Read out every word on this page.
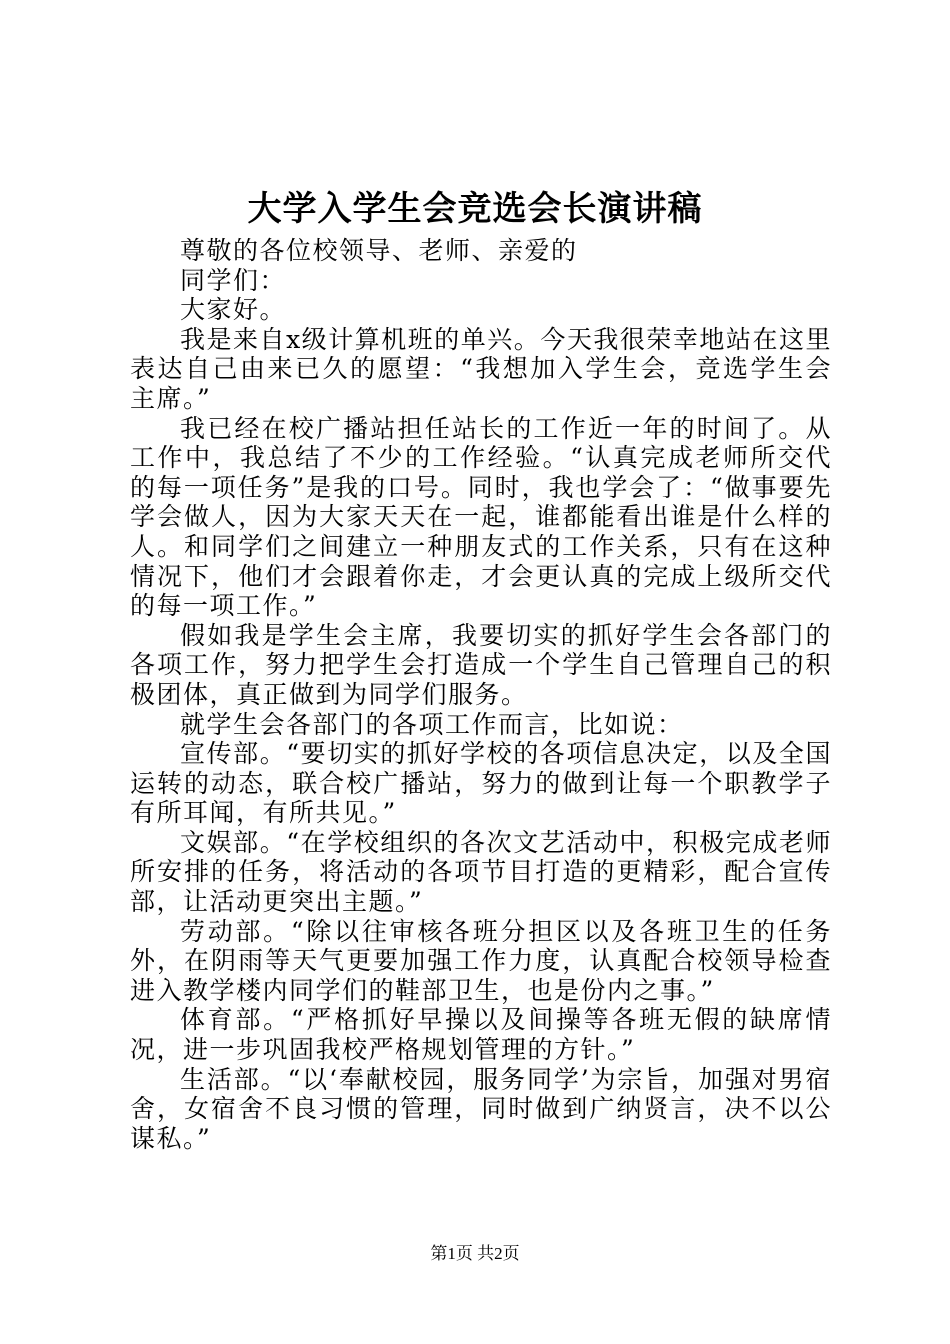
大学入学生会竞选会长演讲稿

尊敬的各位校领导、老师、亲爱的

同学们：

大家好。

我是来自x级计算机班的单兴。今天我很荣幸地站在这里表达自己由来已久的愿望：“我想加入学生会，竞选学生会主席。”

我已经在校广播站担任站长的工作近一年的时间了。从工作中，我总结了不少的工作经验。“认真完成老师所交代的每一项任务”是我的口号。同时，我也学会了：“做事要先学会做人，因为大家天天在一起，谁都能看出谁是什么样的人。和同学们之间建立一种朋友式的工作关系，只有在这种情况下，他们才会跟着你走，才会更认真的完成上级所交代的每一项工作。”

假如我是学生会主席，我要切实的抓好学生会各部门的各项工作，努力把学生会打造成一个学生自己管理自己的积极团体，真正做到为同学们服务。

就学生会各部门的各项工作而言，比如说：

宣传部。“要切实的抓好学校的各项信息决定，以及全国运转的动态，联合校广播站，努力的做到让每一个职教学子有所耳闻，有所共见。”

文娱部。“在学校组织的各次文艺活动中，积极完成老师所安排的任务，将活动的各项节目打造的更精彩，配合宣传部，让活动更突出主题。”

劳动部。“除以往审核各班分担区以及各班卫生的任务外，在阴雨等天气更要加强工作力度，认真配合校领导检查进入教学楼内同学们的鞋部卫生，也是份内之事。”

体育部。“严格抓好早操以及间操等各班无假的缺席情况，进一步巩固我校严格规划管理的方针。”

生活部。“以‘奉献校园，服务同学’为宗旨，加强对男宿舍，女宿舍不良习惯的管理，同时做到广纳贤言，决不以公谋私。”

第1页 共2页
